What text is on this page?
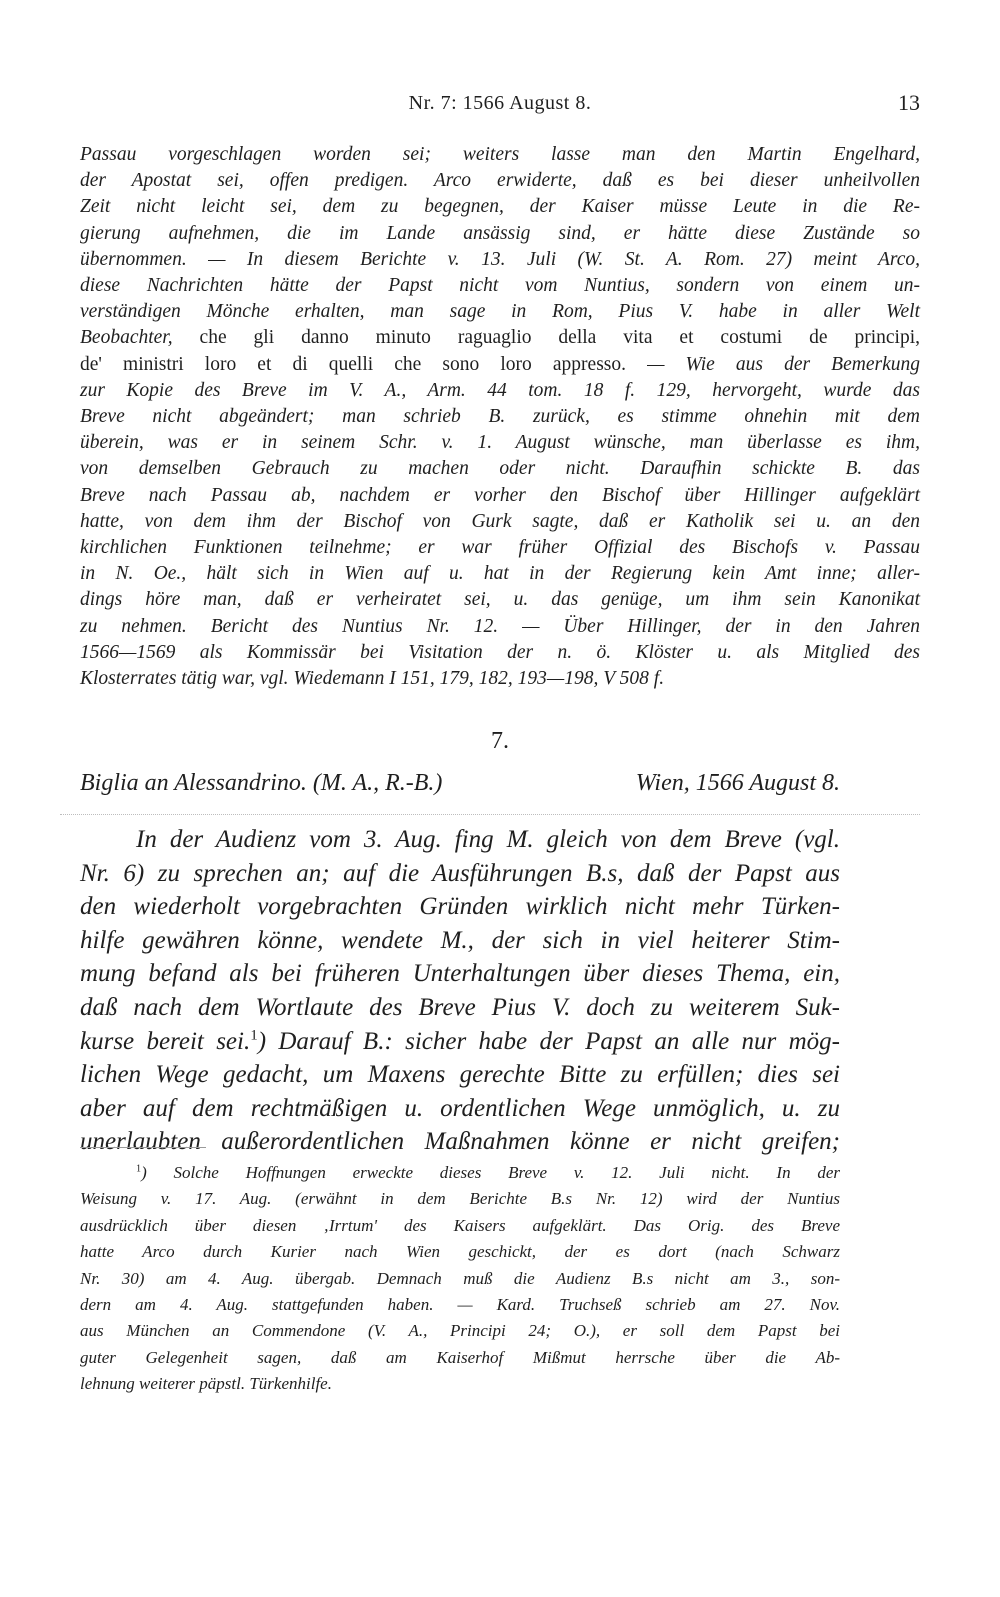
Nr. 7: 1566 August 8.	13
Passau vorgeschlagen worden sei; weiters lasse man den Martin Engelhard,
der Apostat sei, offen predigen. Arco erwiderte, daß es bei dieser unheilvollen
Zeit nicht leicht sei, dem zu begegnen, der Kaiser müsse Leute in die Re-
gierung aufnehmen, die im Lande ansässig sind, er hätte diese Zustände so
übernommen. — In diesem Berichte v. 13. Juli (W. St. A. Rom. 27) meint Arco,
diese Nachrichten hätte der Papst nicht vom Nuntius, sondern von einem un-
verständigen Mönche erhalten, man sage in Rom, Pius V. habe in aller Welt
Beobachter, che gli danno minuto raguaglio della vita et costumi de principi,
de' ministri loro et di quelli che sono loro appresso. — Wie aus der Bemerkung
zur Kopie des Breve im V. A., Arm. 44 tom. 18 f. 129, hervorgeht, wurde das
Breve nicht abgeändert; man schrieb B. zurück, es stimme ohnehin mit dem
überein, was er in seinem Schr. v. 1. August wünsche, man überlasse es ihm,
von demselben Gebrauch zu machen oder nicht. Daraufhin schickte B. das
Breve nach Passau ab, nachdem er vorher den Bischof über Hillinger aufgeklärt
hatte, von dem ihm der Bischof von Gurk sagte, daß er Katholik sei u. an den
kirchlichen Funktionen teilnehme; er war früher Offizial des Bischofs v. Passau
in N. Oe., hält sich in Wien auf u. hat in der Regierung kein Amt inne; aller-
dings höre man, daß er verheiratet sei, u. das genüge, um ihm sein Kanonikat
zu nehmen. Bericht des Nuntius Nr. 12. — Über Hillinger, der in den Jahren
1566—1569 als Kommissär bei Visitation der n. ö. Klöster u. als Mitglied des
Klosterrates tätig war, vgl. Wiedemann I 151, 179, 182, 193—198, V 508 f.
7.
Biglia an Alessandrino. (M. A., R.-B.)	Wien, 1566 August 8.
In der Audienz vom 3. Aug. fing M. gleich von dem Breve (vgl.
Nr. 6) zu sprechen an; auf die Ausführungen B.s, daß der Papst aus
den wiederholt vorgebrachten Gründen wirklich nicht mehr Türken-
hilfe gewähren könne, wendete M., der sich in viel heiterer Stim-
mung befand als bei früheren Unterhaltungen über dieses Thema, ein,
daß nach dem Wortlaute des Breve Pius V. doch zu weiterem Suk-
kurse bereit sei.$^1$) Darauf B.: sicher habe der Papst an alle nur mög-
lichen Wege gedacht, um Maxens gerechte Bitte zu erfüllen; dies sei
aber auf dem rechtmäßigen u. ordentlichen Wege unmöglich, u. zu
unerlaubten außerordentlichen Maßnahmen könne er nicht greifen;
$^1$) Solche Hoffnungen erweckte dieses Breve v. 12. Juli nicht. In der
Weisung v. 17. Aug. (erwähnt in dem Berichte B.s Nr. 12) wird der Nuntius
ausdrücklich über diesen ‚Irrtum' des Kaisers aufgeklärt. Das Orig. des Breve
hatte Arco durch Kurier nach Wien geschickt, der es dort (nach Schwarz
Nr. 30) am 4. Aug. übergab. Demnach muß die Audienz B.s nicht am 3., son-
dern am 4. Aug. stattgefunden haben. — Kard. Truchseß schrieb am 27. Nov.
aus München an Commendone (V. A., Principi 24; O.), er soll dem Papst bei
guter Gelegenheit sagen, daß am Kaiserhof Mißmut herrsche über die Ab-
lehnung weiterer päpstl. Türkenhilfe.
